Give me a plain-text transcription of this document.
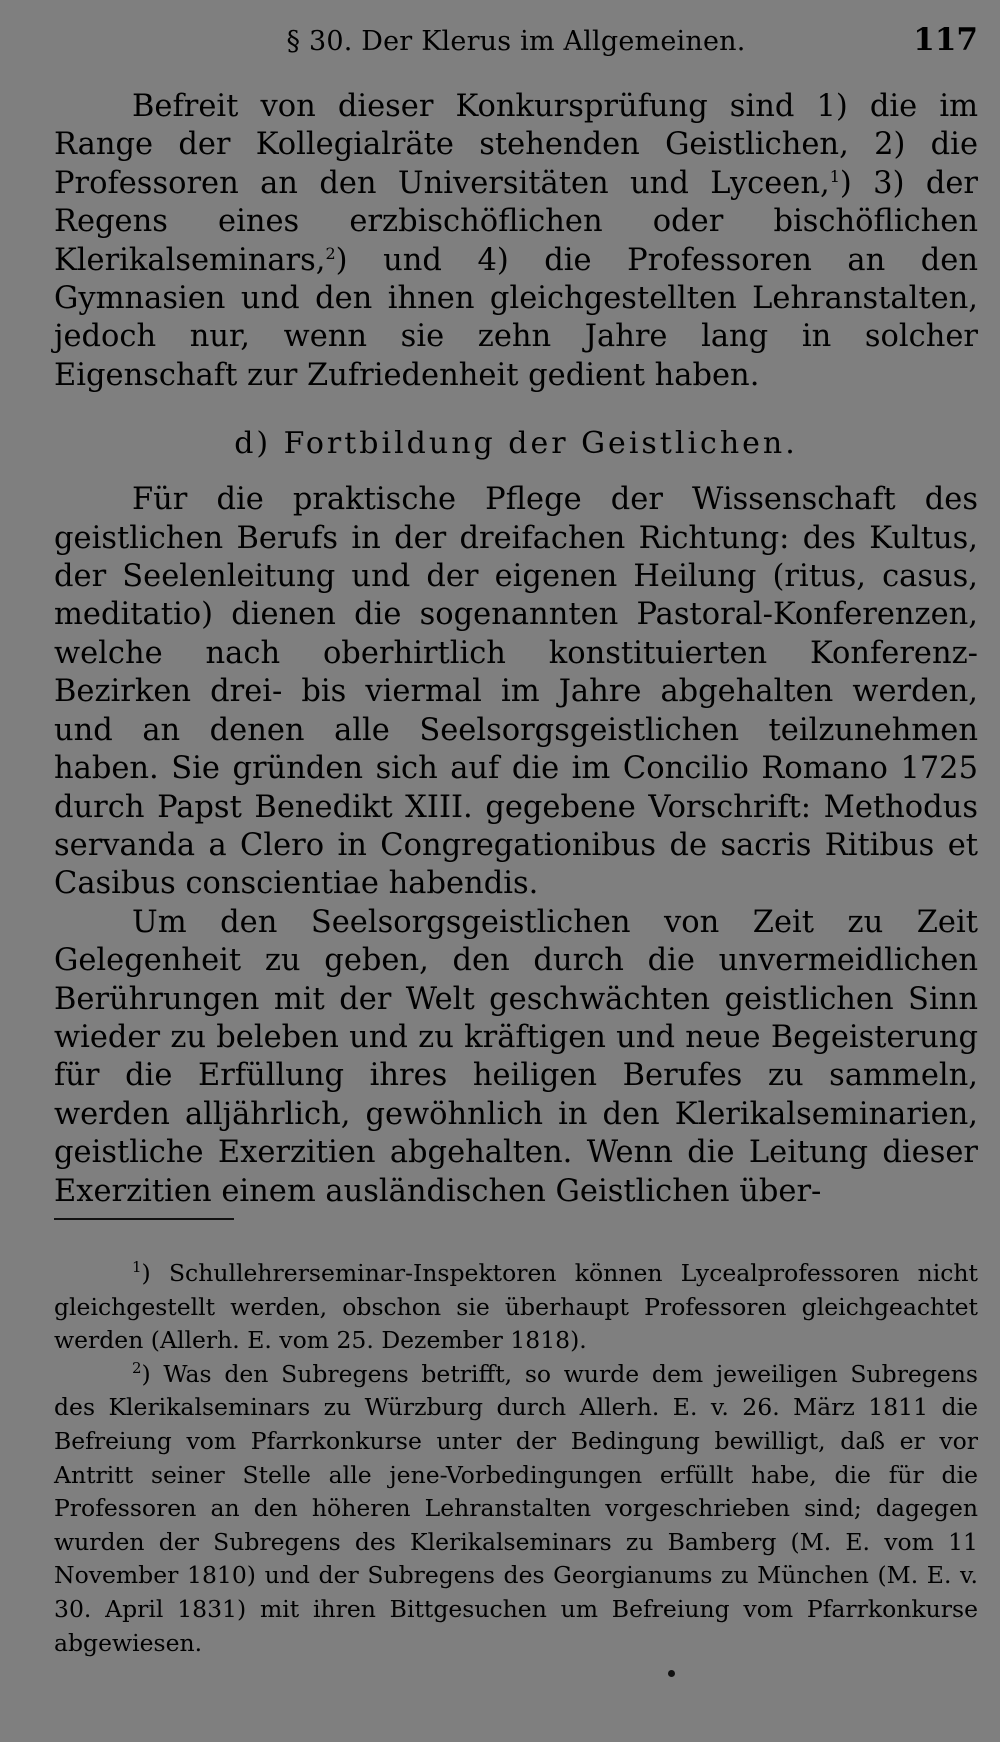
§ 30. Der Klerus im Allgemeinen.	117

Befreit von dieser Konkursprüfung sind 1) die im Range der Kollegialräte stehenden Geistlichen, 2) die Professoren an den Universitäten und Lyceen,$^1$) 3) der Regens eines erzbischöflichen oder bischöflichen Klerikalseminars,$^2$) und 4) die Professoren an den Gymnasien und den ihnen gleichgestellten Lehranstalten, jedoch nur, wenn sie zehn Jahre lang in solcher Eigenschaft zur Zufriedenheit gedient haben.

d) Fortbildung der Geistlichen.

Für die praktische Pflege der Wissenschaft des geistlichen Berufs in der dreifachen Richtung: des Kultus, der Seelenleitung und der eigenen Heilung (ritus, casus, meditatio) dienen die sogenannten Pastoral-Konferenzen, welche nach oberhirtlich konstituierten Konferenz-Bezirken drei- bis viermal im Jahre abgehalten werden, und an denen alle Seelsorgsgeistlichen teilzunehmen haben. Sie gründen sich auf die im Concilio Romano 1725 durch Papst Benedikt XIII. gegebene Vorschrift: Methodus servanda a Clero in Congregationibus de sacris Ritibus et Casibus conscientiae habendis.

Um den Seelsorgsgeistlichen von Zeit zu Zeit Gelegenheit zu geben, den durch die unvermeidlichen Berührungen mit der Welt geschwächten geistlichen Sinn wieder zu beleben und zu kräftigen und neue Begeisterung für die Erfüllung ihres heiligen Berufes zu sammeln, werden alljährlich, gewöhnlich in den Klerikalseminarien, geistliche Exerzitien abgehalten. Wenn die Leitung dieser Exerzitien einem ausländischen Geistlichen über-

$^1$) Schullehrerseminar-Inspektoren können Lycealprofessoren nicht gleichgestellt werden, obschon sie überhaupt Professoren gleichgeachtet werden (Allerh. E. vom 25. Dezember 1818).

$^2$) Was den Subregens betrifft, so wurde dem jeweiligen Subregens des Klerikalseminars zu Würzburg durch Allerh. E. v. 26. März 1811 die Befreiung vom Pfarrkonkurse unter der Bedingung bewilligt, daß er vor Antritt seiner Stelle alle jene-Vorbedingungen erfüllt habe, die für die Professoren an den höheren Lehranstalten vorgeschrieben sind; dagegen wurden der Subregens des Klerikalseminars zu Bamberg (M. E. vom 11 November 1810) und der Subregens des Georgianums zu München (M. E. v. 30. April 1831) mit ihren Bittgesuchen um Befreiung vom Pfarrkonkurse abgewiesen.
